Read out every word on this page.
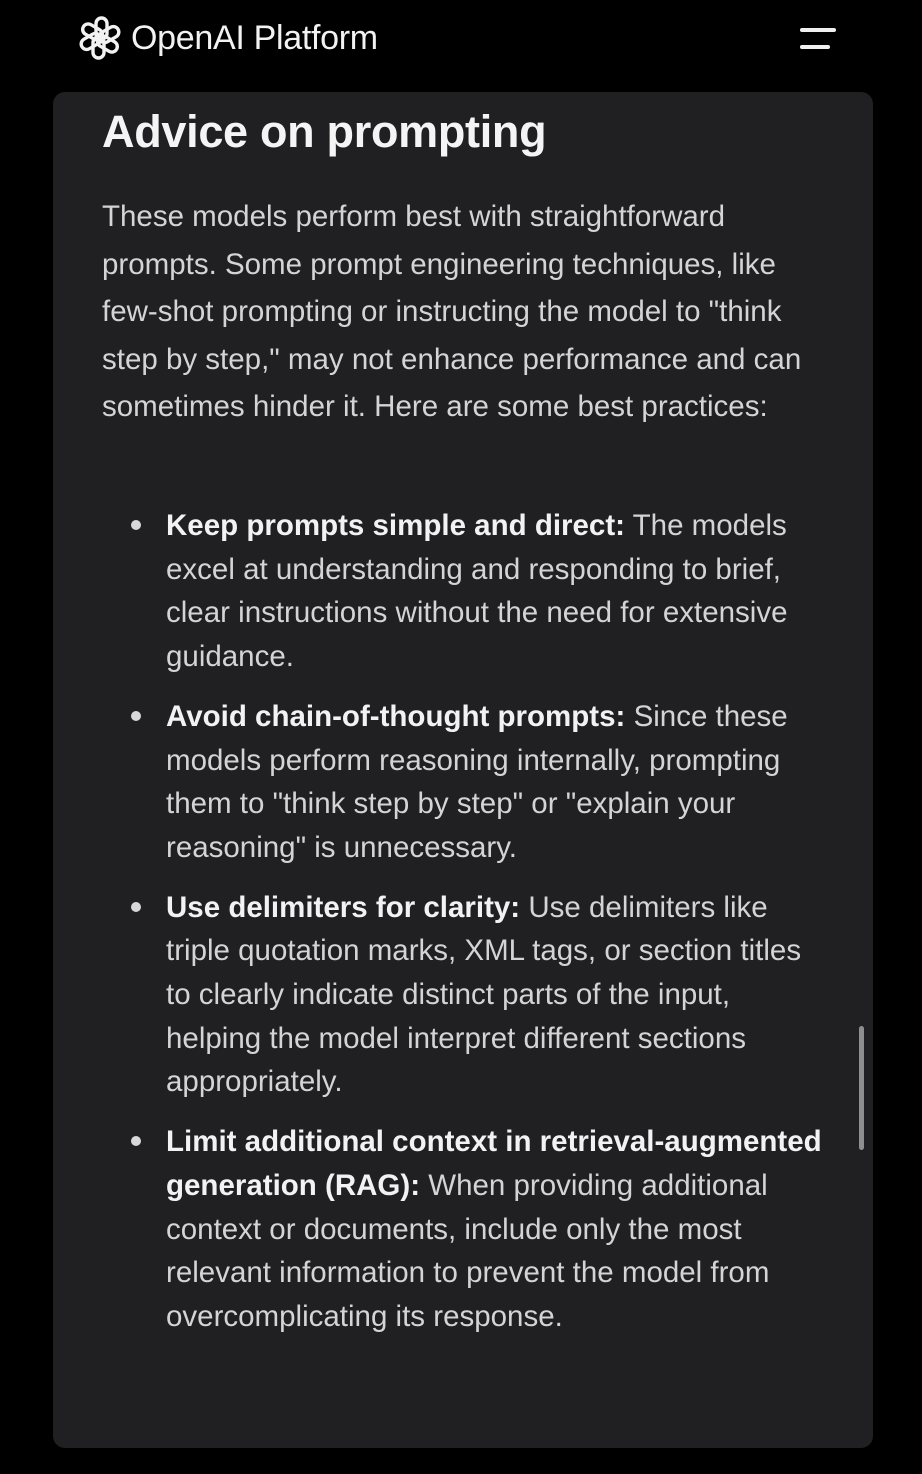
OpenAI Platform
Advice on prompting

These models perform best with straightforward prompts. Some prompt engineering techniques, like few-shot prompting or instructing the model to "think step by step," may not enhance performance and can sometimes hinder it. Here are some best practices:

Keep prompts simple and direct: The models excel at understanding and responding to brief, clear instructions without the need for extensive guidance.
Avoid chain-of-thought prompts: Since these models perform reasoning internally, prompting them to "think step by step" or "explain your reasoning" is unnecessary.
Use delimiters for clarity: Use delimiters like triple quotation marks, XML tags, or section titles to clearly indicate distinct parts of the input, helping the model interpret different sections appropriately.
Limit additional context in retrieval-augmented generation (RAG): When providing additional context or documents, include only the most relevant information to prevent the model from overcomplicating its response.
